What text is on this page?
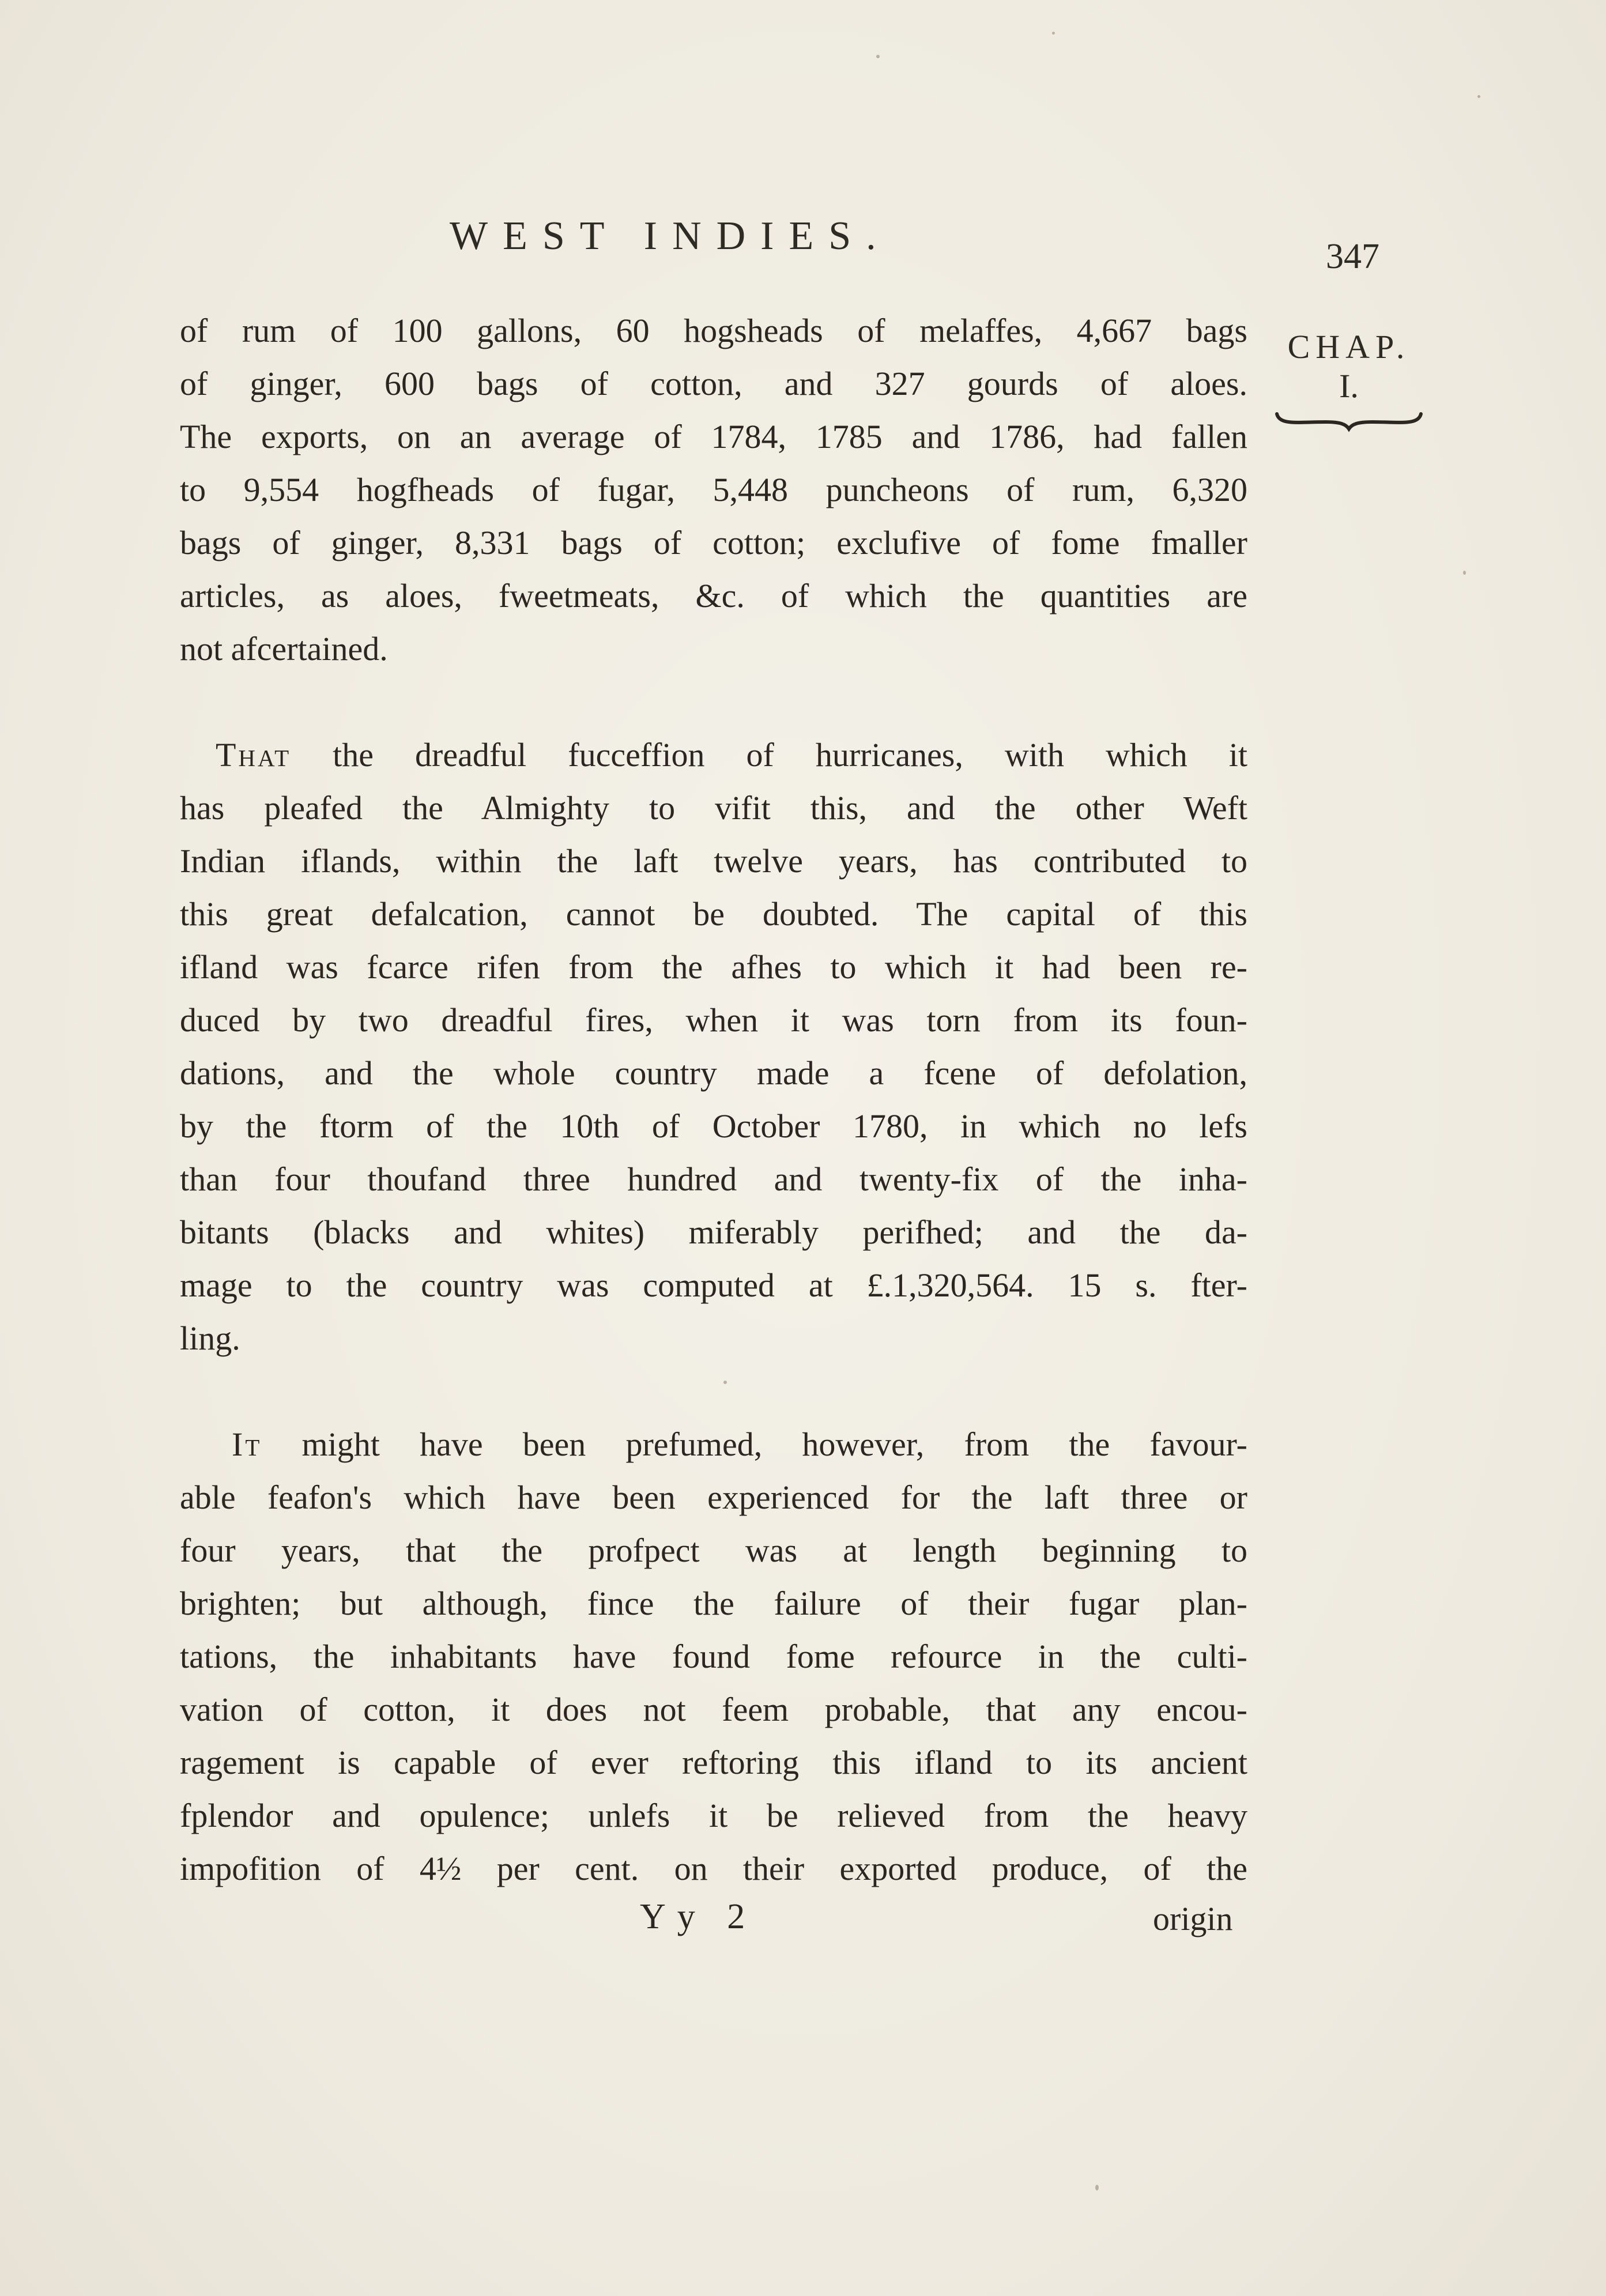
WEST INDIES.	347
CHAP.
I.
of rum of 100 gallons, 60 hogsheads of melaffes, 4,667 bags
of ginger, 600 bags of cotton, and 327 gourds of aloes.
The exports, on an average of 1784, 1785 and 1786, had fallen
to 9,554 hogfheads of fugar, 5,448 puncheons of rum, 6,320
bags of ginger, 8,331 bags of cotton; exclufive of fome fmaller
articles, as aloes, fweetmeats, &c. of which the quantities are
not afcertained.
That the dreadful fucceffion of hurricanes, with which it
has pleafed the Almighty to vifit this, and the other Weft
Indian iflands, within the laft twelve years, has contributed to
this great defalcation, cannot be doubted. The capital of this
ifland was fcarce rifen from the afhes to which it had been re-
duced by two dreadful fires, when it was torn from its foun-
dations, and the whole country made a fcene of defolation,
by the ftorm of the 10th of October 1780, in which no lefs
than four thoufand three hundred and twenty-fix of the inha-
bitants (blacks and whites) miferably perifhed; and the da-
mage to the country was computed at £.1,320,564. 15 s. fter-
ling.
It might have been prefumed, however, from the favour-
able feafon's which have been experienced for the laft three or
four years, that the profpect was at length beginning to
brighten; but although, fince the failure of their fugar plan-
tations, the inhabitants have found fome refource in the culti-
vation of cotton, it does not feem probable, that any encou-
ragement is capable of ever reftoring this ifland to its ancient
fplendor and opulence; unlefs it be relieved from the heavy
impofition of 4½ per cent. on their exported produce, of the
Yy 2	origin
